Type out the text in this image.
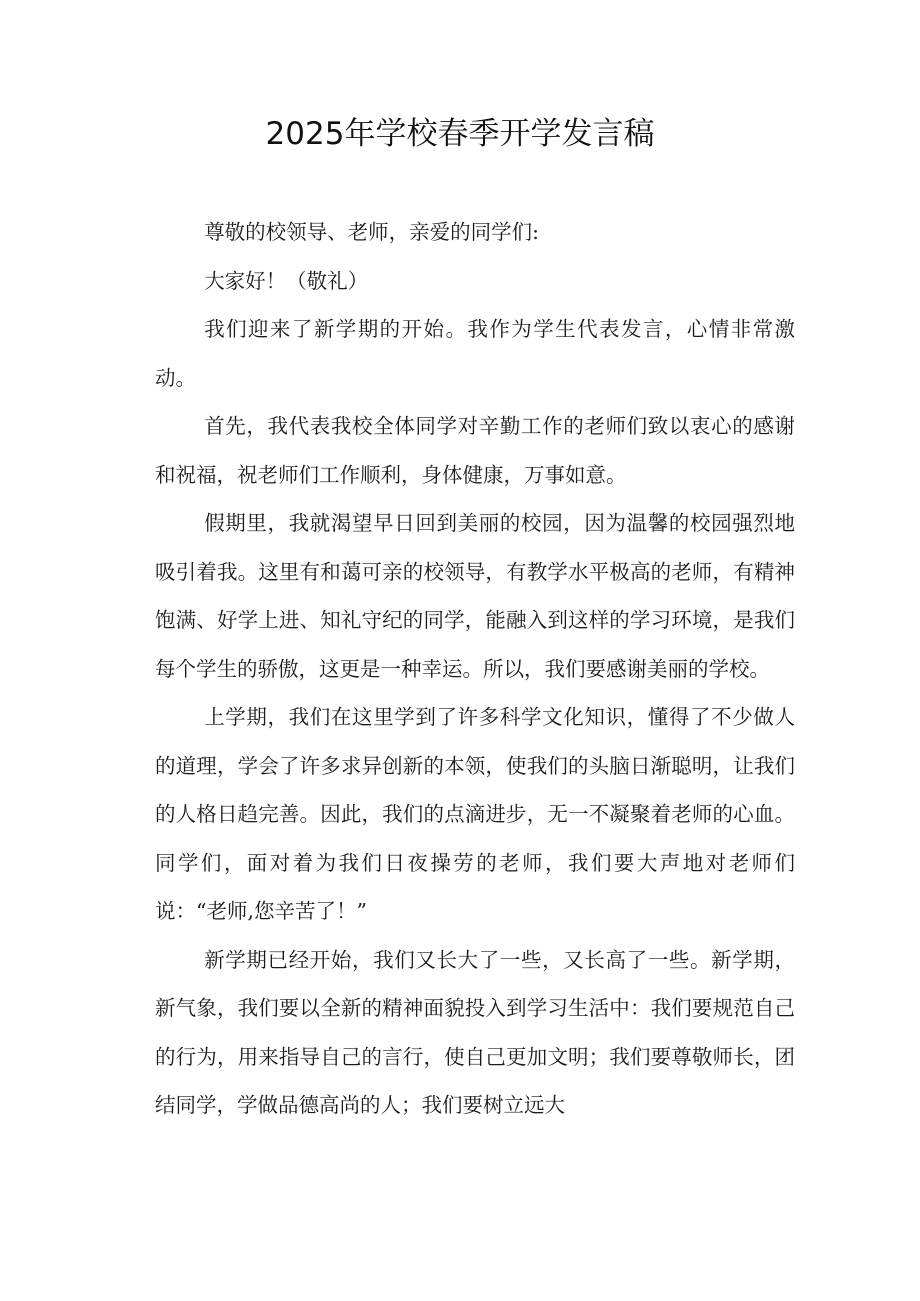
2025年学校春季开学发言稿

尊敬的校领导、老师，亲爱的同学们:

大家好！（敬礼）

我们迎来了新学期的开始。我作为学生代表发言，心情非常激动。

首先，我代表我校全体同学对辛勤工作的老师们致以衷心的感谢和祝福，祝老师们工作顺利，身体健康，万事如意。

假期里，我就渴望早日回到美丽的校园，因为温馨的校园强烈地吸引着我。这里有和蔼可亲的校领导，有教学水平极高的老师，有精神饱满、好学上进、知礼守纪的同学，能融入到这样的学习环境，是我们每个学生的骄傲，这更是一种幸运。所以，我们要感谢美丽的学校。

上学期，我们在这里学到了许多科学文化知识，懂得了不少做人的道理，学会了许多求异创新的本领，使我们的头脑日渐聪明，让我们的人格日趋完善。因此，我们的点滴进步，无一不凝聚着老师的心血。同学们，面对着为我们日夜操劳的老师，我们要大声地对老师们说：“老师,您辛苦了！”

新学期已经开始，我们又长大了一些，又长高了一些。新学期，新气象，我们要以全新的精神面貌投入到学习生活中：我们要规范自己的行为，用来指导自己的言行，使自己更加文明；我们要尊敬师长，团结同学，学做品德高尚的人；我们要树立远大
